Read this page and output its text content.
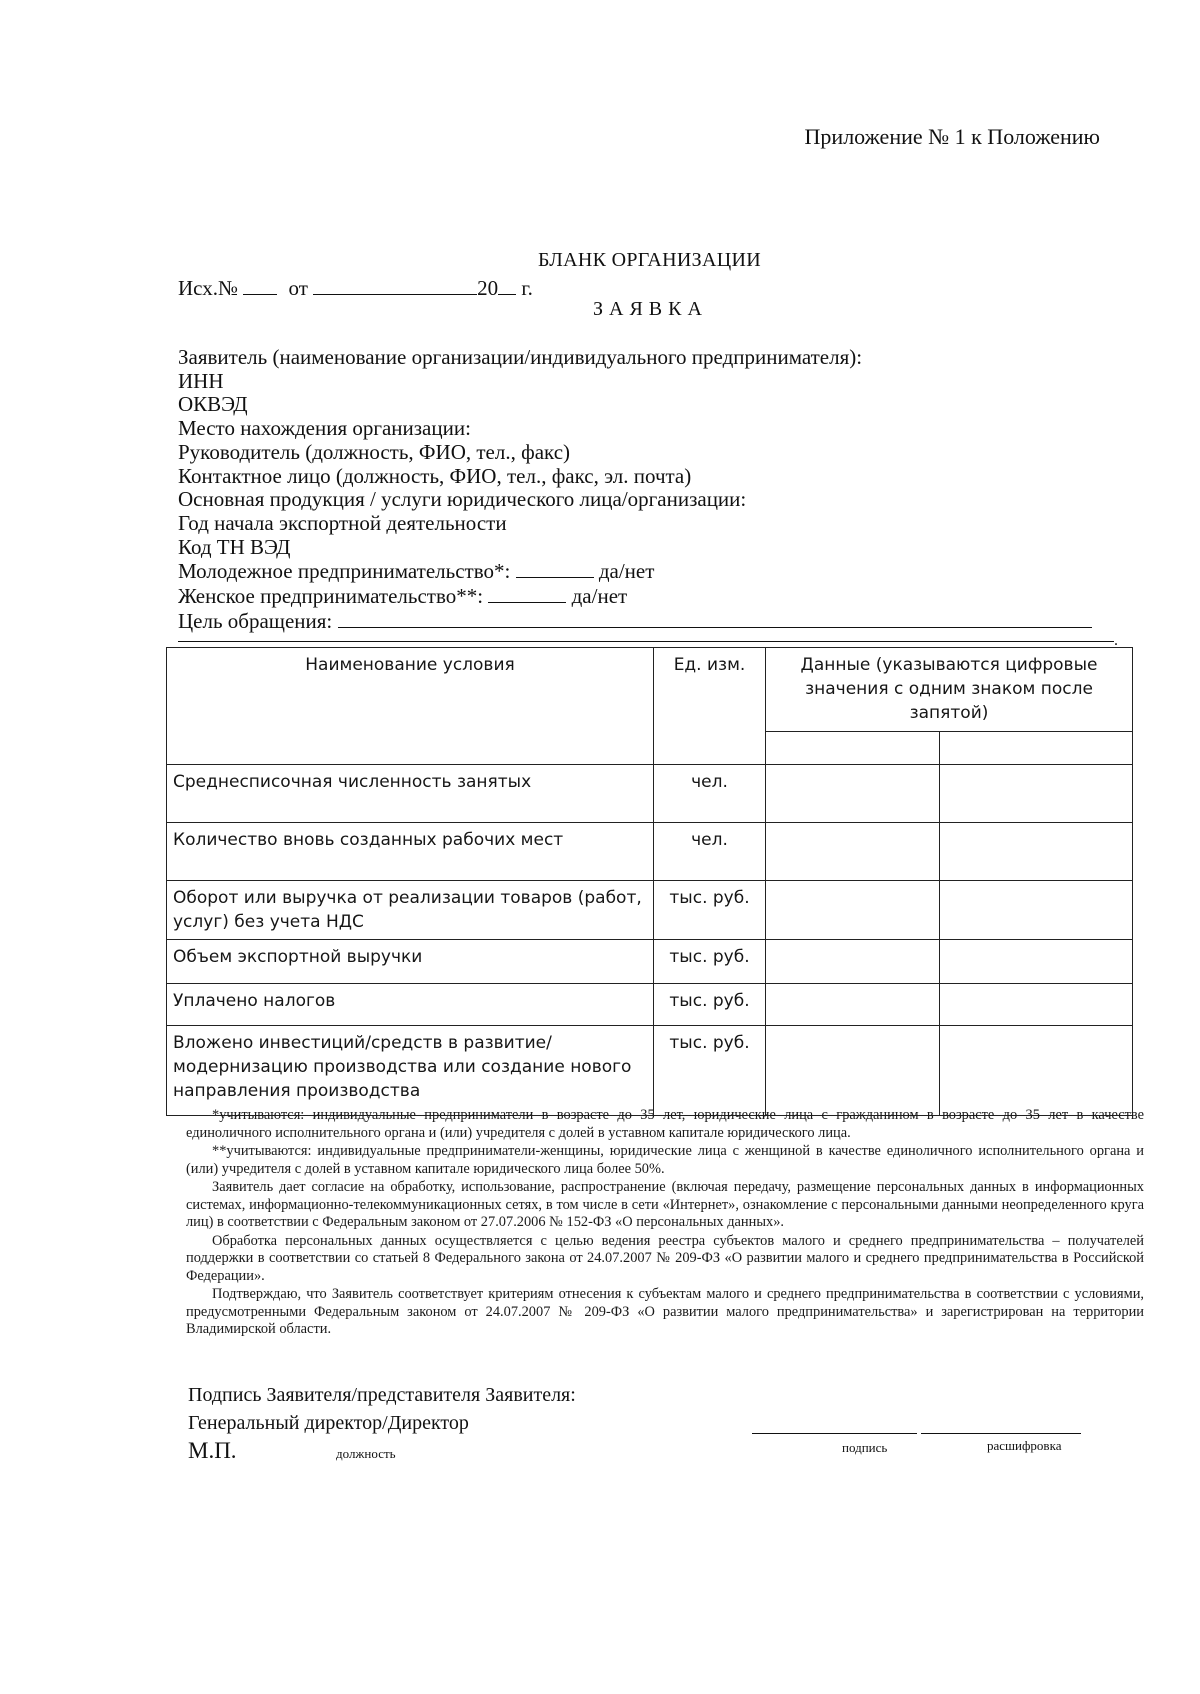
Приложение № 1 к Положению
БЛАНК ОРГАНИЗАЦИИ
Исх.№ от	20 г.
ЗАЯВКА
Заявитель (наименование организации/индивидуального предпринимателя):
ИНН
ОКВЭД
Место нахождения организации:
Руководитель (должность, ФИО, тел., факс)
Контактное лицо (должность, ФИО, тел., факс, эл. почта)
Основная продукция / услуги юридического лица/организации:
Год начала экспортной деятельности
Код ТН ВЭД
Молодежное предпринимательство*:	да/нет
Женское предпринимательство**:	да/нет
Цель обращения:
.
Наименование условия	Ед. изм.	Данные (указываются цифровые значения с одним знаком после запятой)	

Среднесписочная численность занятых	чел.		
Количество вновь созданных рабочих мест	чел.		
Оборот или выручка от реализации товаров (работ, услуг) без учета НДС	тыс. руб.		
Объем экспортной выручки	тыс. руб.		
Уплачено налогов	тыс. руб.		
Вложено инвестиций/средств в развитие/модернизацию производства или создание нового направления производства	тыс. руб.		

*учитываются: индивидуальные предприниматели в возрасте до 35 лет, юридические лица с гражданином в возрасте до 35 лет в качестве единоличного исполнительного органа и (или) учредителя с долей в уставном капитале юридического лица.

**учитываются: индивидуальные предприниматели-женщины, юридические лица с женщиной в качестве единоличного исполнительного органа и (или) учредителя с долей в уставном капитале юридического лица более 50%.

Заявитель дает согласие на обработку, использование, распространение (включая передачу, размещение персональных данных в информационных системах, информационно-телекоммуникационных сетях, в том числе в сети «Интернет», ознакомление с персональными данными неопределенного круга лиц) в соответствии с Федеральным законом от 27.07.2006 № 152-ФЗ «О персональных данных».

Обработка персональных данных осуществляется с целью ведения реестра субъектов малого и среднего предпринимательства – получателей поддержки в соответствии со статьей 8 Федерального закона от 24.07.2007 № 209-ФЗ «О развитии малого и среднего предпринимательства в Российской Федерации».

Подтверждаю, что Заявитель соответствует критериям отнесения к субъектам малого и среднего предпринимательства в соответствии с условиями, предусмотренными Федеральным законом от 24.07.2007 № 209-ФЗ «О развитии малого предпринимательства» и зарегистрирован на территории Владимирской области.

Подпись Заявителя/представителя Заявителя:
Генеральный директор/Директор
М.П.	должность	подпись	расшифровка
